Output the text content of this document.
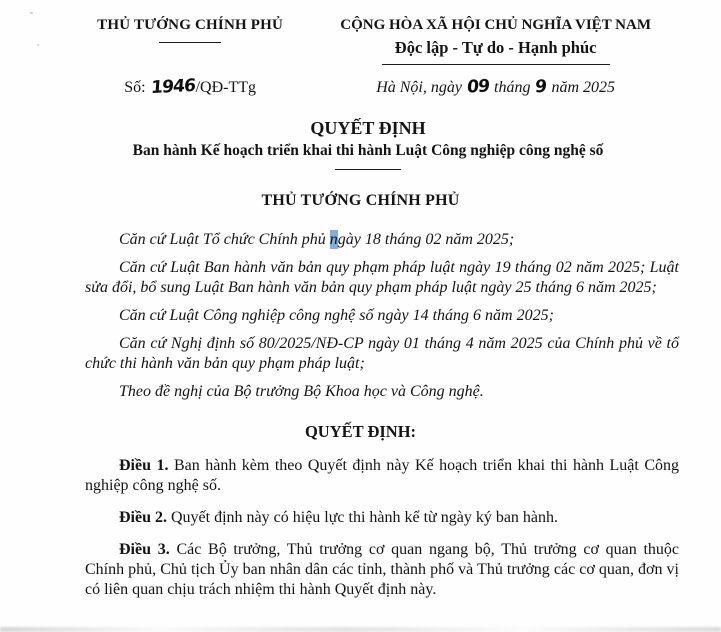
THỦ TƯỚNG CHÍNH PHỦ
Số: 1946/QĐ-TTg
CỘNG HÒA XÃ HỘI CHỦ NGHĨA VIỆT NAM
Độc lập - Tự do - Hạnh phúc
Hà Nội, ngày 09 tháng 9 năm 2025
QUYẾT ĐỊNH
Ban hành Kế hoạch triển khai thi hành Luật Công nghiệp công nghệ số
THỦ TƯỚNG CHÍNH PHỦ

Căn cứ Luật Tổ chức Chính phủ ngày 18 tháng 02 năm 2025;

Căn cứ Luật Ban hành văn bản quy phạm pháp luật ngày 19 tháng 02 năm 2025; Luật sửa đổi, bổ sung Luật Ban hành văn bản quy phạm pháp luật ngày 25 tháng 6 năm 2025;

Căn cứ Luật Công nghiệp công nghệ số ngày 14 tháng 6 năm 2025;

Căn cứ Nghị định số 80/2025/NĐ-CP ngày 01 tháng 4 năm 2025 của Chính phủ về tổ chức thi hành văn bản quy phạm pháp luật;

Theo đề nghị của Bộ trưởng Bộ Khoa học và Công nghệ.

QUYẾT ĐỊNH:

Điều 1. Ban hành kèm theo Quyết định này Kế hoạch triển khai thi hành Luật Công nghiệp công nghệ số.

Điều 2. Quyết định này có hiệu lực thi hành kể từ ngày ký ban hành.

Điều 3. Các Bộ trưởng, Thủ trưởng cơ quan ngang bộ, Thủ trưởng cơ quan thuộc Chính phủ, Chủ tịch Ủy ban nhân dân các tỉnh, thành phố và Thủ trưởng các cơ quan, đơn vị có liên quan chịu trách nhiệm thi hành Quyết định này.
